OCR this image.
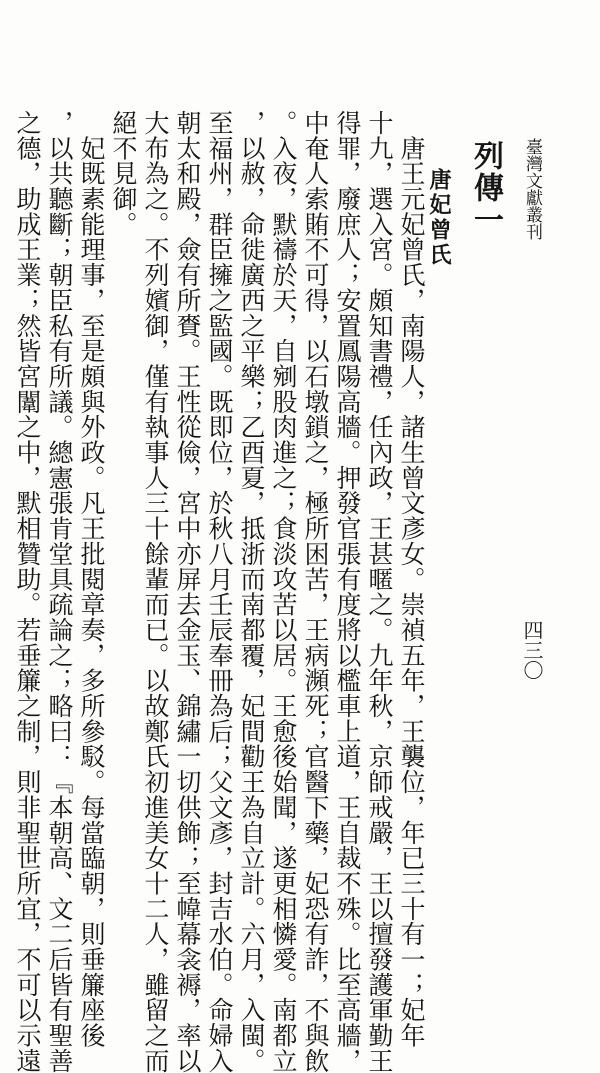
臺灣文獻叢刊
四三〇
列傳一
唐妃曾氏
　唐王元妃曾氏，南陽人，諸生曾文彥女。崇禎五年，王襲位，年已三十有一；妃年
十九，選入宮。頗知書禮，任內政，王甚暱之。九年秋，京師戒嚴，王以擅發護軍勤王
得罪，廢庶人；安置鳳陽高牆。押發官張有度將以檻車上道，王自裁不殊。比至高牆，
中奄人索賄不可得，以石墩鎖之，極所困苦，王病瀕死；官醫下藥，妃恐有詐，不與飲
。入夜，默禱於天，自剜股肉進之；食淡攻苦以居。王愈後始聞，遂更相憐愛。南都立
，以赦，命徙廣西之平樂；乙酉夏，抵浙而南都覆，妃間勸王為自立計。六月，入閩。
至福州，群臣擁之監國。既即位，於秋八月壬辰奉冊為后；父文彥，封吉水伯。命婦入
朝太和殿，僉有所賚。王性從儉，宮中亦屏去金玉、錦繡一切供飾；至幃幕衾褥，率以
大布為之。不列嬪御，僅有執事人三十餘輩而已。以故鄭氏初進美女十二人，雖留之而
絕不見御。
　妃既素能理事，至是頗與外政。凡王批閱章奏，多所參駁。每當臨朝，則垂簾座後
，以共聽斷；朝臣私有所議。總憲張肯堂具疏論之；略曰：『本朝高、文二后皆有聖善
之德，助成王業；然皆宮闈之中，默相贊助。若垂簾之制，則非聖世所宜，不可以示遠
